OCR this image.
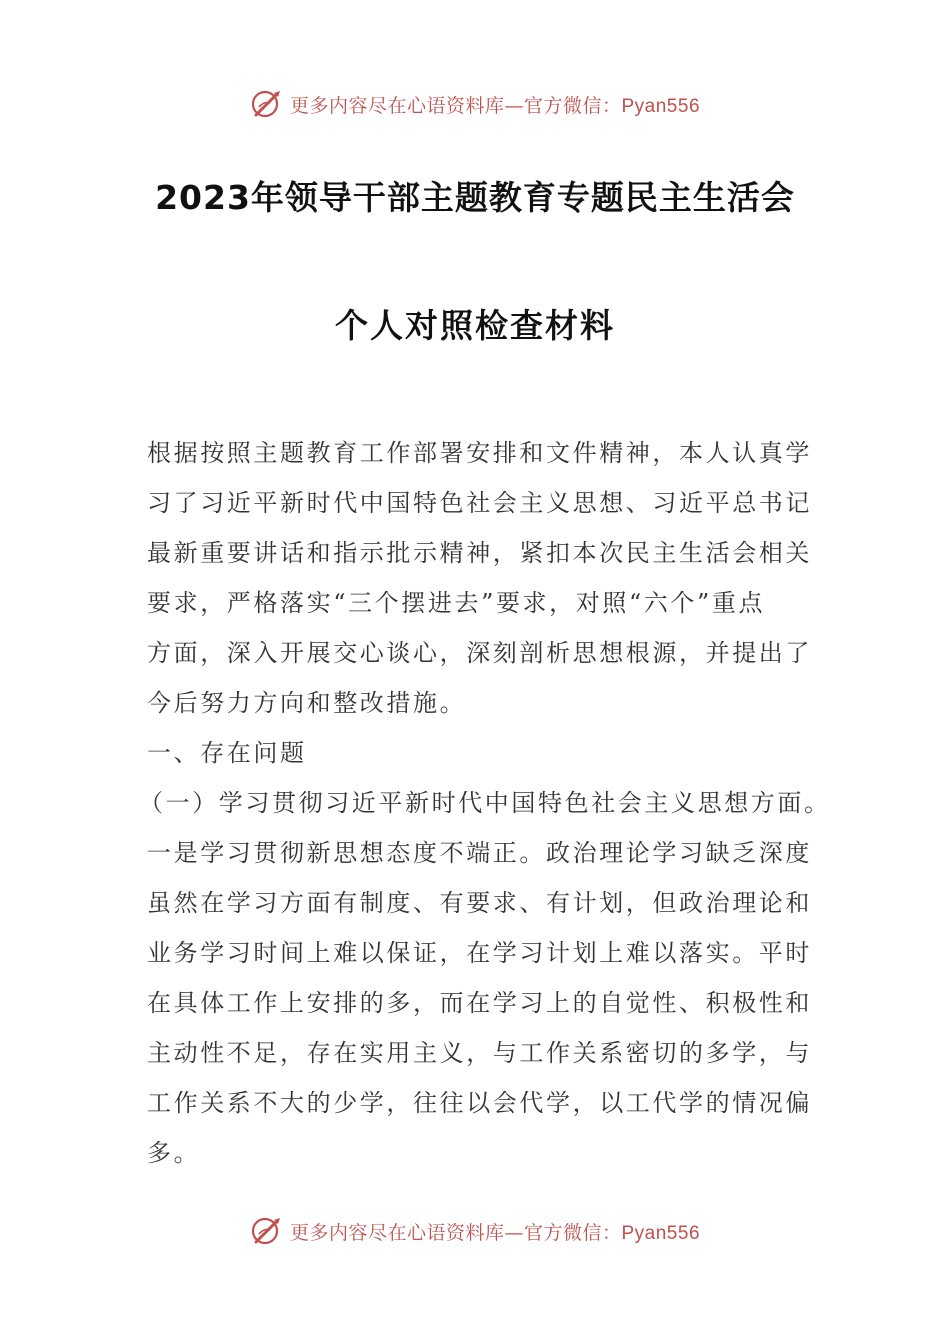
更多内容尽在心语资料库—官方微信：Pyan556
2023年领导干部主题教育专题民主生活会
个人对照检查材料
根据按照主题教育工作部署安排和文件精神，本人认真学
习了习近平新时代中国特色社会主义思想、习近平总书记
最新重要讲话和指示批示精神，紧扣本次民主生活会相关
要求，严格落实“三个摆进去”要求，对照“六个”重点
方面，深入开展交心谈心，深刻剖析思想根源，并提出了
今后努力方向和整改措施。
一、存在问题
（一）学习贯彻习近平新时代中国特色社会主义思想方面。
一是学习贯彻新思想态度不端正。政治理论学习缺乏深度
虽然在学习方面有制度、有要求、有计划，但政治理论和
业务学习时间上难以保证，在学习计划上难以落实。平时
在具体工作上安排的多，而在学习上的自觉性、积极性和
主动性不足，存在实用主义，与工作关系密切的多学，与
工作关系不大的少学，往往以会代学，以工代学的情况偏
多。
更多内容尽在心语资料库—官方微信：Pyan556
